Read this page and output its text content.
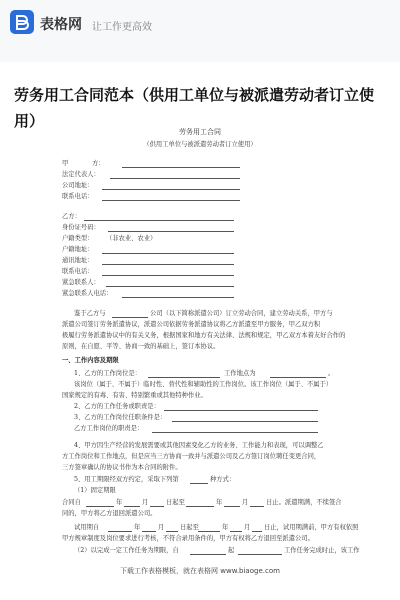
表格网 让工作更高效
劳务用工合同范本（供用工单位与被派遣劳动者订立使用）
劳务用工合同
（供用工单位与被派遣劳动者订立使用）
甲	方：
法定代表人：
公司地址：
联系电话：
乙方：
身份证号码：
户籍类型： （非农业、农业）
户籍地址：
通讯地址：
联系电话：
紧急联系人：
紧急联系人电话：
鉴于乙方与	公司（以下简称派遣公司）订立劳动合同，建立劳动关系，甲方与
派遣公司签订劳务派遣协议，派遣公司依据劳务派遣协议将乙方派遣至甲方服务，甲乙双方积
极履行劳务派遣协议中的有关义务，根据国家和地方有关法律、法规和规定，甲乙双方本着友好合作的
原则，在自愿、平等、协商一致的基础上，签订本协议。
一、工作内容及期限
1、乙方的工作岗位是：	工作地点为	。
该岗位（属于、不属于）临时性、替代性和辅助性的工作岗位。该工作岗位（属于、不属于）
国家规定的有毒、有害、特别繁重或其他特种作业。
2、乙方的工作任务或职责是：
3、乙方的工作岗位任职条件是：
乙方工作岗位的职责是：
4、甲方因生产经营的发展需要或其他因素变化乙方的业务、工作能力和表现，可以调整乙
方工作岗位和工作地点，但是应当三方协商一致并与派遣公司及乙方签订岗位聘任变更合同，
三方签章确认的协议书作为本合同的附件。
5、用工期限经双方约定，采取下列第	种方式：
（1）固定期限
合同自	年	月	日起至	年	月	日止。派遣期满，不续签合
同的，甲方将乙方退回派遣公司。
试用期自	年	月 日起至	年 月 日止，试用期满前，甲方有权依照
甲方规章制度及岗位要求进行考核，不符合录用条件的，甲方有权将乙方退回至派遣公司。
（2）以完成一定工作任务为期限，自	起	工作任务完成时止，该工作
下载工作表格模板，就在表格网 www.biaoge.com
